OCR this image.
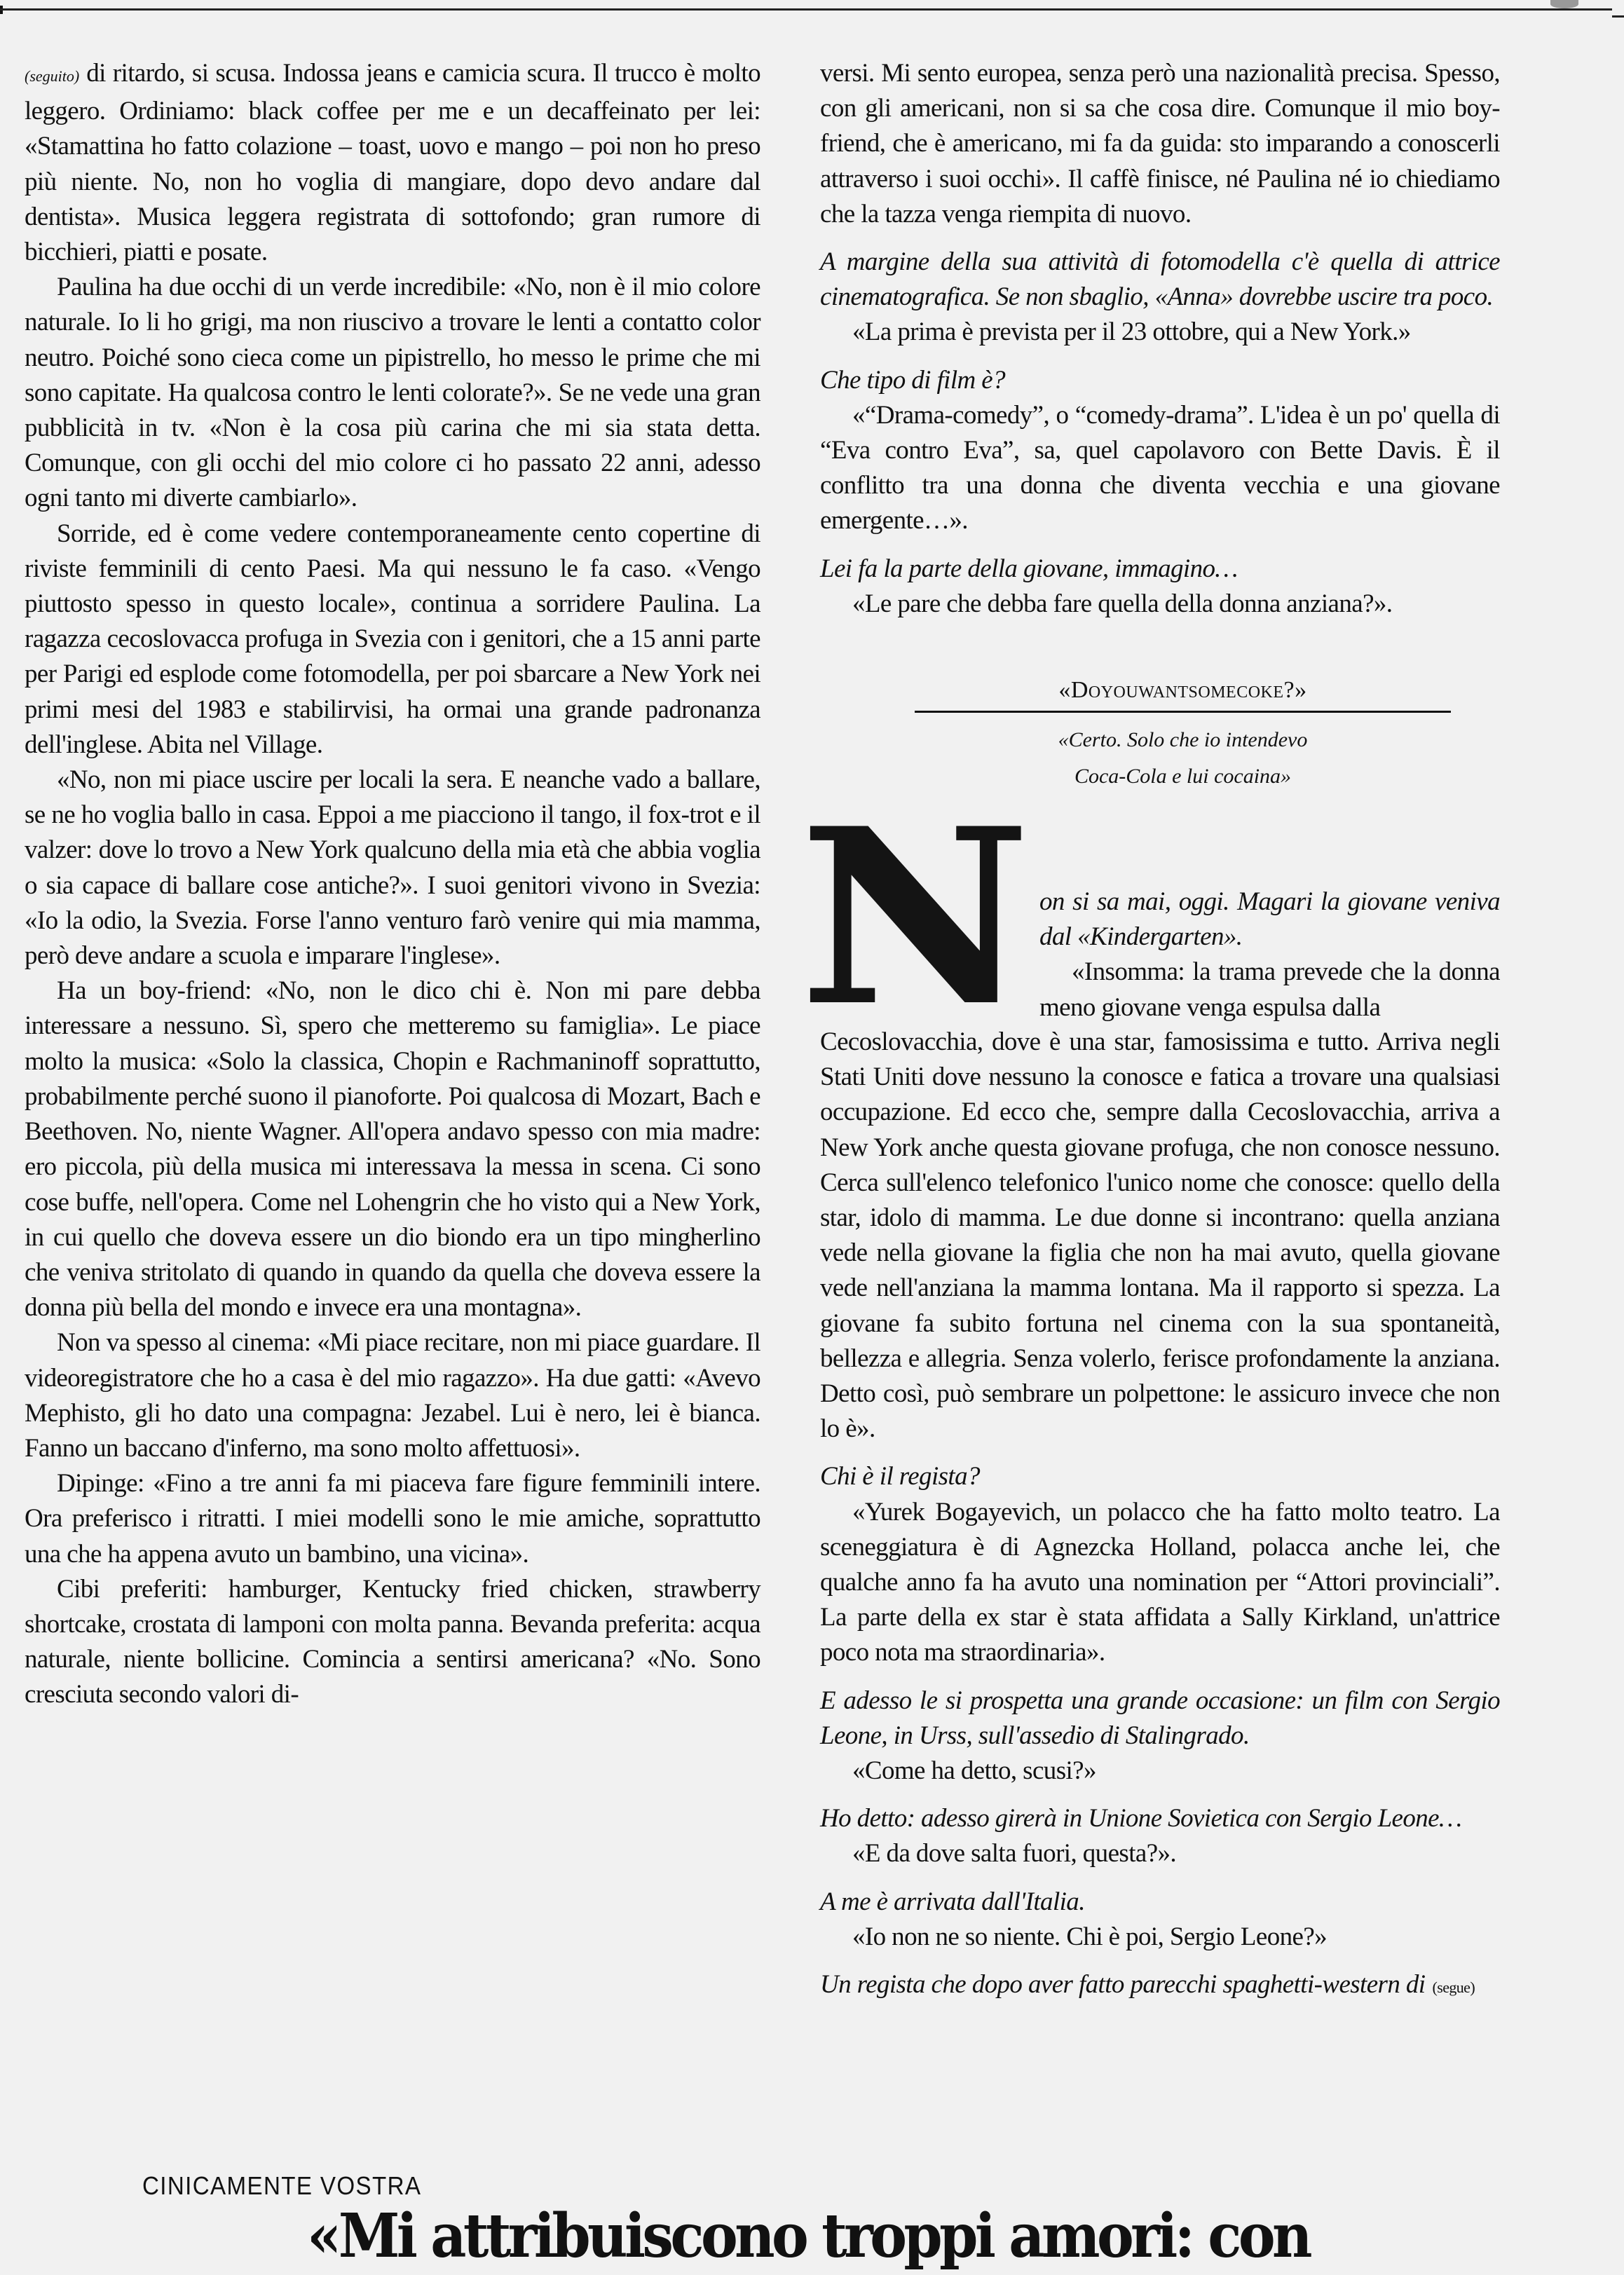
(seguito) di ritardo, si scusa. Indossa jeans e camicia scura. Il trucco è molto leggero. Ordiniamo: black coffee per me e un decaffeinato per lei: «Stamattina ho fatto colazione – toast, uovo e mango – poi non ho preso più niente. No, non ho voglia di mangiare, dopo devo andare dal dentista». Musica leggera registrata di sottofondo; gran rumore di bicchieri, piatti e posate.

Paulina ha due occhi di un verde incredibile: «No, non è il mio colore naturale. Io li ho grigi, ma non riuscivo a trovare le lenti a contatto color neutro. Poiché sono cieca come un pipistrello, ho messo le prime che mi sono capitate. Ha qualcosa contro le lenti colorate?». Se ne vede una gran pubblicità in tv. «Non è la cosa più carina che mi sia stata detta. Comunque, con gli occhi del mio colore ci ho passato 22 anni, adesso ogni tanto mi diverte cambiarlo».

Sorride, ed è come vedere contemporaneamente cento copertine di riviste femminili di cento Paesi. Ma qui nessuno le fa caso. «Vengo piuttosto spesso in questo locale», continua a sorridere Paulina. La ragazza cecoslovacca profuga in Svezia con i genitori, che a 15 anni parte per Parigi ed esplode come fotomodella, per poi sbarcare a New York nei primi mesi del 1983 e stabilirvisi, ha ormai una grande padronanza dell'inglese. Abita nel Village.

«No, non mi piace uscire per locali la sera. E neanche vado a ballare, se ne ho voglia ballo in casa. Eppoi a me piacciono il tango, il fox-trot e il valzer: dove lo trovo a New York qualcuno della mia età che abbia voglia o sia capace di ballare cose antiche?». I suoi genitori vivono in Svezia: «Io la odio, la Svezia. Forse l'anno venturo farò venire qui mia mamma, però deve andare a scuola e imparare l'inglese».

Ha un boy-friend: «No, non le dico chi è. Non mi pare debba interessare a nessuno. Sì, spero che metteremo su famiglia». Le piace molto la musica: «Solo la classica, Chopin e Rachmaninoff soprattutto, probabilmente perché suono il pianoforte. Poi qualcosa di Mozart, Bach e Beethoven. No, niente Wagner. All'opera andavo spesso con mia madre: ero piccola, più della musica mi interessava la messa in scena. Ci sono cose buffe, nell'opera. Come nel Lohengrin che ho visto qui a New York, in cui quello che doveva essere un dio biondo era un tipo mingherlino che veniva stritolato di quando in quando da quella che doveva essere la donna più bella del mondo e invece era una montagna».

Non va spesso al cinema: «Mi piace recitare, non mi piace guardare. Il videoregistratore che ho a casa è del mio ragazzo». Ha due gatti: «Avevo Mephisto, gli ho dato una compagna: Jezabel. Lui è nero, lei è bianca. Fanno un baccano d'inferno, ma sono molto affettuosi».

Dipinge: «Fino a tre anni fa mi piaceva fare figure femminili intere. Ora preferisco i ritratti. I miei modelli sono le mie amiche, soprattutto una che ha appena avuto un bambino, una vicina».

Cibi preferiti: hamburger, Kentucky fried chicken, strawberry shortcake, crostata di lamponi con molta panna. Bevanda preferita: acqua naturale, niente bollicine. Comincia a sentirsi americana? «No. Sono cresciuta secondo valori di-

versi. Mi sento europea, senza però una nazionalità precisa. Spesso, con gli americani, non si sa che cosa dire. Comunque il mio boy-friend, che è americano, mi fa da guida: sto imparando a conoscerli attraverso i suoi occhi». Il caffè finisce, né Paulina né io chiediamo che la tazza venga riempita di nuovo.

A margine della sua attività di fotomodella c'è quella di attrice cinematografica. Se non sbaglio, «Anna» dovrebbe uscire tra poco.

«La prima è prevista per il 23 ottobre, qui a New York.»

Che tipo di film è?

«“Drama-comedy”, o “comedy-drama”. L'idea è un po' quella di “Eva contro Eva”, sa, quel capolavoro con Bette Davis. È il conflitto tra una donna che diventa vecchia e una giovane emergente…».

Lei fa la parte della giovane, immagino…

«Le pare che debba fare quella della donna anziana?».

«Doyouwantsomecoke?»
«Certo. Solo che io intendevo
Coca-Cola e lui cocaina»
N on si sa mai, oggi. Magari la giovane veniva dal «Kindergarten».

«Insomma: la trama prevede che la donna meno giovane venga espulsa dalla

Cecoslovacchia, dove è una star, famosissima e tutto. Arriva negli Stati Uniti dove nessuno la conosce e fatica a trovare una qualsiasi occupazione. Ed ecco che, sempre dalla Cecoslovacchia, arriva a New York anche questa giovane profuga, che non conosce nessuno. Cerca sull'elenco telefonico l'unico nome che conosce: quello della star, idolo di mamma. Le due donne si incontrano: quella anziana vede nella giovane la figlia che non ha mai avuto, quella giovane vede nell'anziana la mamma lontana. Ma il rapporto si spezza. La giovane fa subito fortuna nel cinema con la sua spontaneità, bellezza e allegria. Senza volerlo, ferisce profondamente la anziana. Detto così, può sembrare un polpettone: le assicuro invece che non lo è».

Chi è il regista?

«Yurek Bogayevich, un polacco che ha fatto molto teatro. La sceneggiatura è di Agnezcka Holland, polacca anche lei, che qualche anno fa ha avuto una nomination per “Attori provinciali”. La parte della ex star è stata affidata a Sally Kirkland, un'attrice poco nota ma straordinaria».

E adesso le si prospetta una grande occasione: un film con Sergio Leone, in Urss, sull'assedio di Stalingrado.

«Come ha detto, scusi?»

Ho detto: adesso girerà in Unione Sovietica con Sergio Leone…

«E da dove salta fuori, questa?».

A me è arrivata dall'Italia.

«Io non ne so niente. Chi è poi, Sergio Leone?»

Un regista che dopo aver fatto parecchi spaghetti-western di (segue)

CINICAMENTE VOSTRA
«Mi attribuiscono troppi amori: con
